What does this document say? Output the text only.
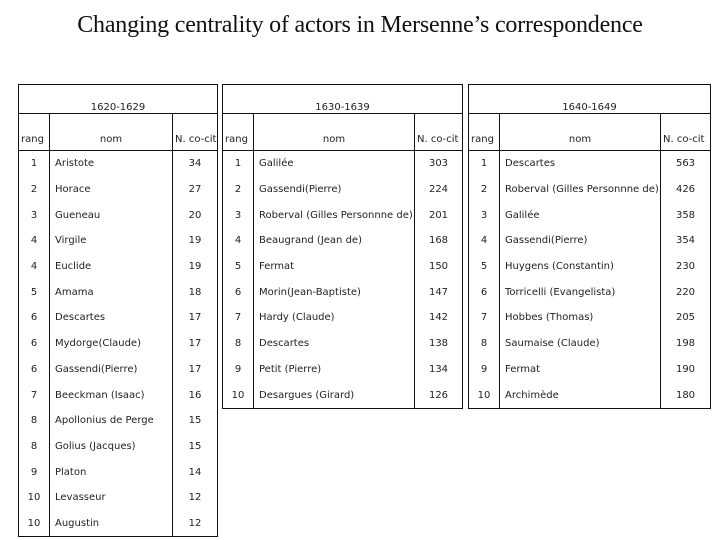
Changing centrality of actors in Mersenne’s correspondence
1620-1629		
rang	nom	N. co-cit
1	Aristote	34
2	Horace	27
3	Gueneau	20
4	Virgile	19
4	Euclide	19
5	Amama	18
6	Descartes	17
6	Mydorge(Claude)	17
6	Gassendi(Pierre)	17
7	Beeckman (Isaac)	16
8	Apollonius de Perge	15
8	Golius (Jacques)	15
9	Platon	14
10	Levasseur	12
10	Augustin	12
1630-1639		
rang	nom	N. co-cit
1	Galilée	303
2	Gassendi(Pierre)	224
3	Roberval (Gilles Personnne de)	201
4	Beaugrand (Jean de)	168
5	Fermat	150
6	Morin(Jean-Baptiste)	147
7	Hardy (Claude)	142
8	Descartes	138
9	Petit (Pierre)	134
10	Desargues (Girard)	126
1640-1649		
rang	nom	N. co-cit
1	Descartes	563
2	Roberval (Gilles Personnne de)	426
3	Galilée	358
4	Gassendi(Pierre)	354
5	Huygens (Constantin)	230
6	Torricelli (Evangelista)	220
7	Hobbes (Thomas)	205
8	Saumaise (Claude)	198
9	Fermat	190
10	Archimède	180
